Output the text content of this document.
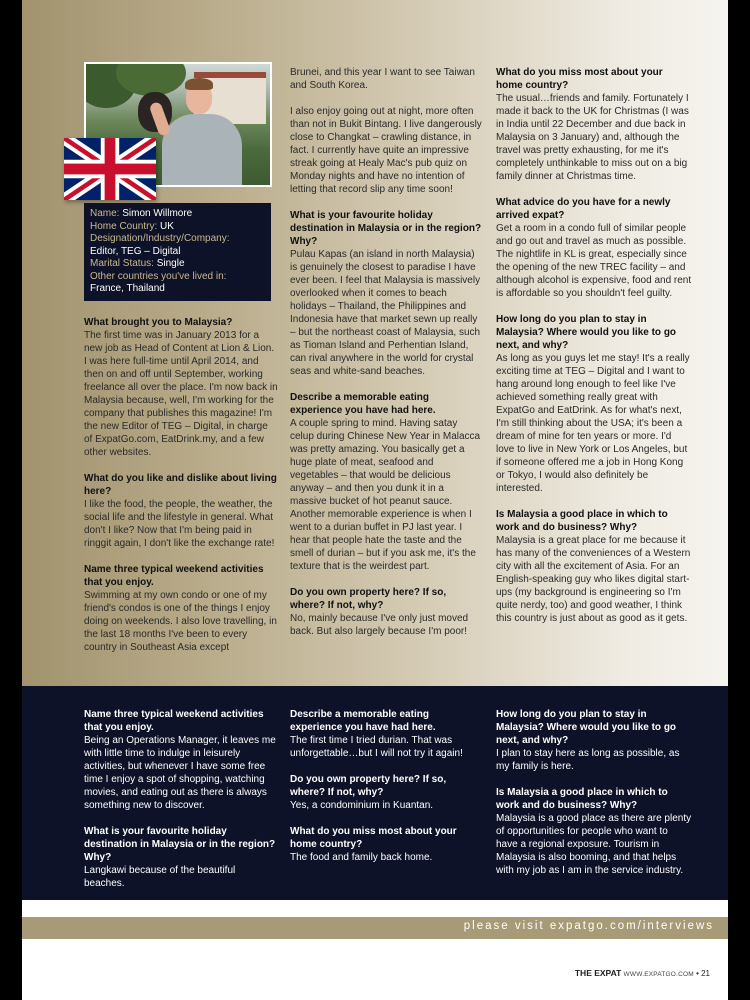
Name: Simon Willmore
Home Country: UK
Designation/Industry/Company:
Editor, TEG – Digital
Marital Status: Single
Other countries you've lived in:
France, Thailand
What brought you to Malaysia?

The first time was in January 2013 for a new job as Head of Content at Lion & Lion. I was here full-time until April 2014, and then on and off until September, working freelance all over the place. I'm now back in Malaysia because, well, I'm working for the company that publishes this magazine! I'm the new Editor of TEG – Digital, in charge of ExpatGo.com, EatDrink.my, and a few other websites.

What do you like and dislike about living here?

I like the food, the people, the weather, the social life and the lifestyle in general. What don't I like? Now that I'm being paid in ringgit again, I don't like the exchange rate!

Name three typical weekend activities that you enjoy.

Swimming at my own condo or one of my friend's condos is one of the things I enjoy doing on weekends. I also love travelling, in the last 18 months I've been to every country in Southeast Asia except

Brunei, and this year I want to see Taiwan and South Korea.

I also enjoy going out at night, more often than not in Bukit Bintang. I live dangerously close to Changkat – crawling distance, in fact. I currently have quite an impressive streak going at Healy Mac's pub quiz on Monday nights and have no intention of letting that record slip any time soon!

What is your favourite holiday destination in Malaysia or in the region? Why?

Pulau Kapas (an island in north Malaysia) is genuinely the closest to paradise I have ever been. I feel that Malaysia is massively overlooked when it comes to beach holidays – Thailand, the Philippines and Indonesia have that market sewn up really – but the northeast coast of Malaysia, such as Tioman Island and Perhentian Island, can rival anywhere in the world for crystal seas and white-sand beaches.

Describe a memorable eating experience you have had here.

A couple spring to mind. Having satay celup during Chinese New Year in Malacca was pretty amazing. You basically get a huge plate of meat, seafood and vegetables – that would be delicious anyway – and then you dunk it in a massive bucket of hot peanut sauce. Another memorable experience is when I went to a durian buffet in PJ last year. I hear that people hate the taste and the smell of durian – but if you ask me, it's the texture that is the weirdest part.

Do you own property here? If so, where? If not, why?

No, mainly because I've only just moved back. But also largely because I'm poor!

What do you miss most about your home country?

The usual…friends and family. Fortunately I made it back to the UK for Christmas (I was in India until 22 December and due back in Malaysia on 3 January) and, although the travel was pretty exhausting, for me it's completely unthinkable to miss out on a big family dinner at Christmas time.

What advice do you have for a newly arrived expat?

Get a room in a condo full of similar people and go out and travel as much as possible. The nightlife in KL is great, especially since the opening of the new TREC facility – and although alcohol is expensive, food and rent is affordable so you shouldn't feel guilty.

How long do you plan to stay in Malaysia? Where would you like to go next, and why?

As long as you guys let me stay! It's a really exciting time at TEG – Digital and I want to hang around long enough to feel like I've achieved something really great with ExpatGo and EatDrink. As for what's next, I'm still thinking about the USA; it's been a dream of mine for ten years or more. I'd love to live in New York or Los Angeles, but if someone offered me a job in Hong Kong or Tokyo, I would also definitely be interested.

Is Malaysia a good place in which to work and do business? Why?

Malaysia is a great place for me because it has many of the conveniences of a Western city with all the excitement of Asia. For an English-speaking guy who likes digital start-ups (my background is engineering so I'm quite nerdy, too) and good weather, I think this country is just about as good as it gets.

Name three typical weekend activities that you enjoy.

Being an Operations Manager, it leaves me with little time to indulge in leisurely activities, but whenever I have some free time I enjoy a spot of shopping, watching movies, and eating out as there is always something new to discover.

What is your favourite holiday destination in Malaysia or in the region? Why?

Langkawi because of the beautiful beaches.

Describe a memorable eating experience you have had here.

The first time I tried durian. That was unforgettable…but I will not try it again!

Do you own property here? If so, where? If not, why?

Yes, a condominium in Kuantan.

What do you miss most about your home country?

The food and family back home.

How long do you plan to stay in Malaysia? Where would you like to go next, and why?

I plan to stay here as long as possible, as my family is here.

Is Malaysia a good place in which to work and do business? Why?

Malaysia is a good place as there are plenty of opportunities for people who want to have a regional exposure. Tourism in Malaysia is also booming, and that helps with my job as I am in the service industry.

please visit expatgo.com/interviews
THE EXPAT WWW.EXPATGO.COM • 21
